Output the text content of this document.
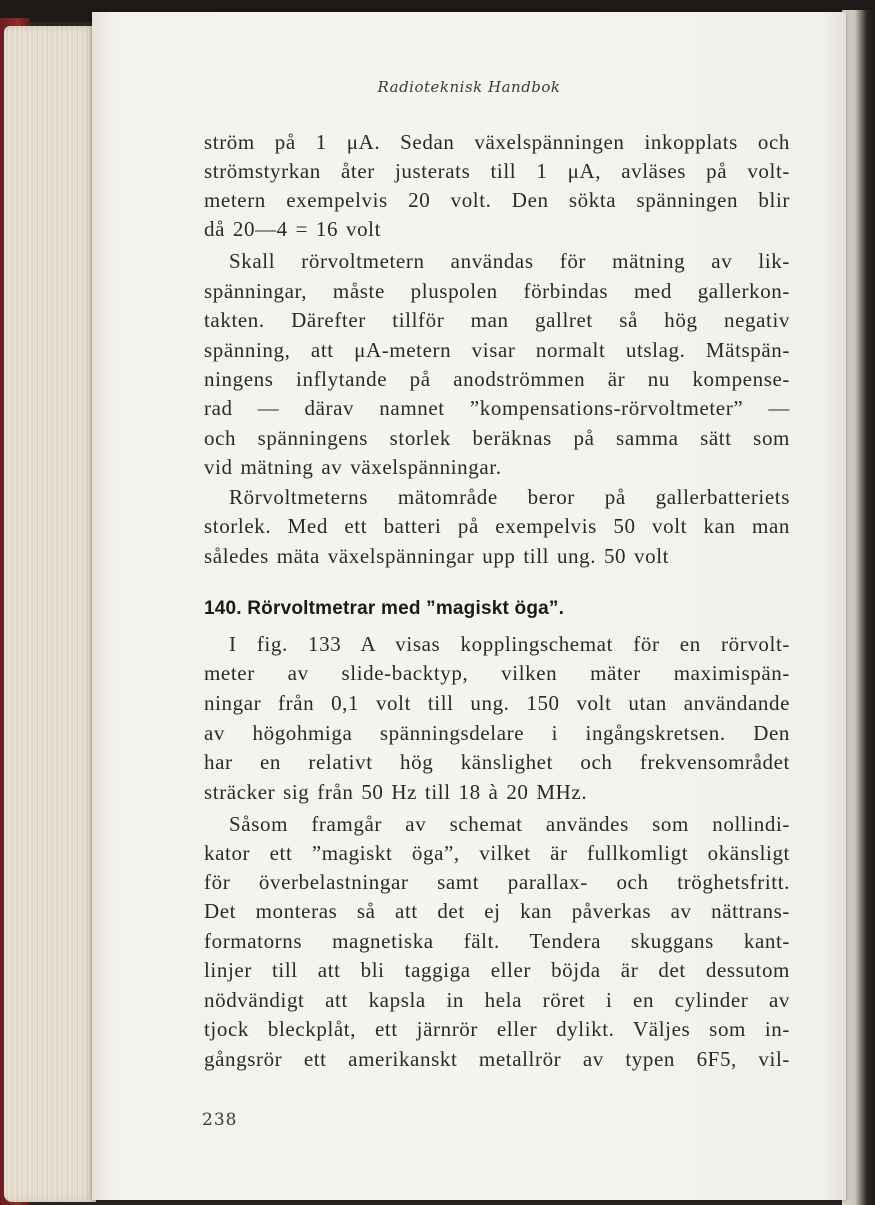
Radioteknisk Handbok
ström på 1 μA. Sedan växelspänningen inkopplats och
strömstyrkan åter justerats till 1 μA, avläses på volt-
metern exempelvis 20 volt. Den sökta spänningen blir
då 20—4 = 16 volt
Skall rörvoltmetern användas för mätning av lik-
spänningar, måste pluspolen förbindas med gallerkon-
takten. Därefter tillför man gallret så hög negativ
spänning, att μA-metern visar normalt utslag. Mätspän-
ningens inflytande på anodströmmen är nu kompense-
rad — därav namnet ”kompensations-rörvoltmeter” —
och spänningens storlek beräknas på samma sätt som
vid mätning av växelspänningar.
Rörvoltmeterns mätområde beror på gallerbatteriets
storlek. Med ett batteri på exempelvis 50 volt kan man
således mäta växelspänningar upp till ung. 50 volt
140. Rörvoltmetrar med ”magiskt öga”.
I fig. 133 A visas kopplingschemat för en rörvolt-
meter av slide-backtyp, vilken mäter maximispän-
ningar från 0,1 volt till ung. 150 volt utan användande
av högohmiga spänningsdelare i ingångskretsen. Den
har en relativt hög känslighet och frekvensområdet
sträcker sig från 50 Hz till 18 à 20 MHz.
Såsom framgår av schemat användes som nollindi-
kator ett ”magiskt öga”, vilket är fullkomligt okänsligt
för överbelastningar samt parallax- och tröghetsfritt.
Det monteras så att det ej kan påverkas av nättrans-
formatorns magnetiska fält. Tendera skuggans kant-
linjer till att bli taggiga eller böjda är det dessutom
nödvändigt att kapsla in hela röret i en cylinder av
tjock bleckplåt, ett järnrör eller dylikt. Väljes som in-
gångsrör ett amerikanskt metallrör av typen 6F5, vil-
238
